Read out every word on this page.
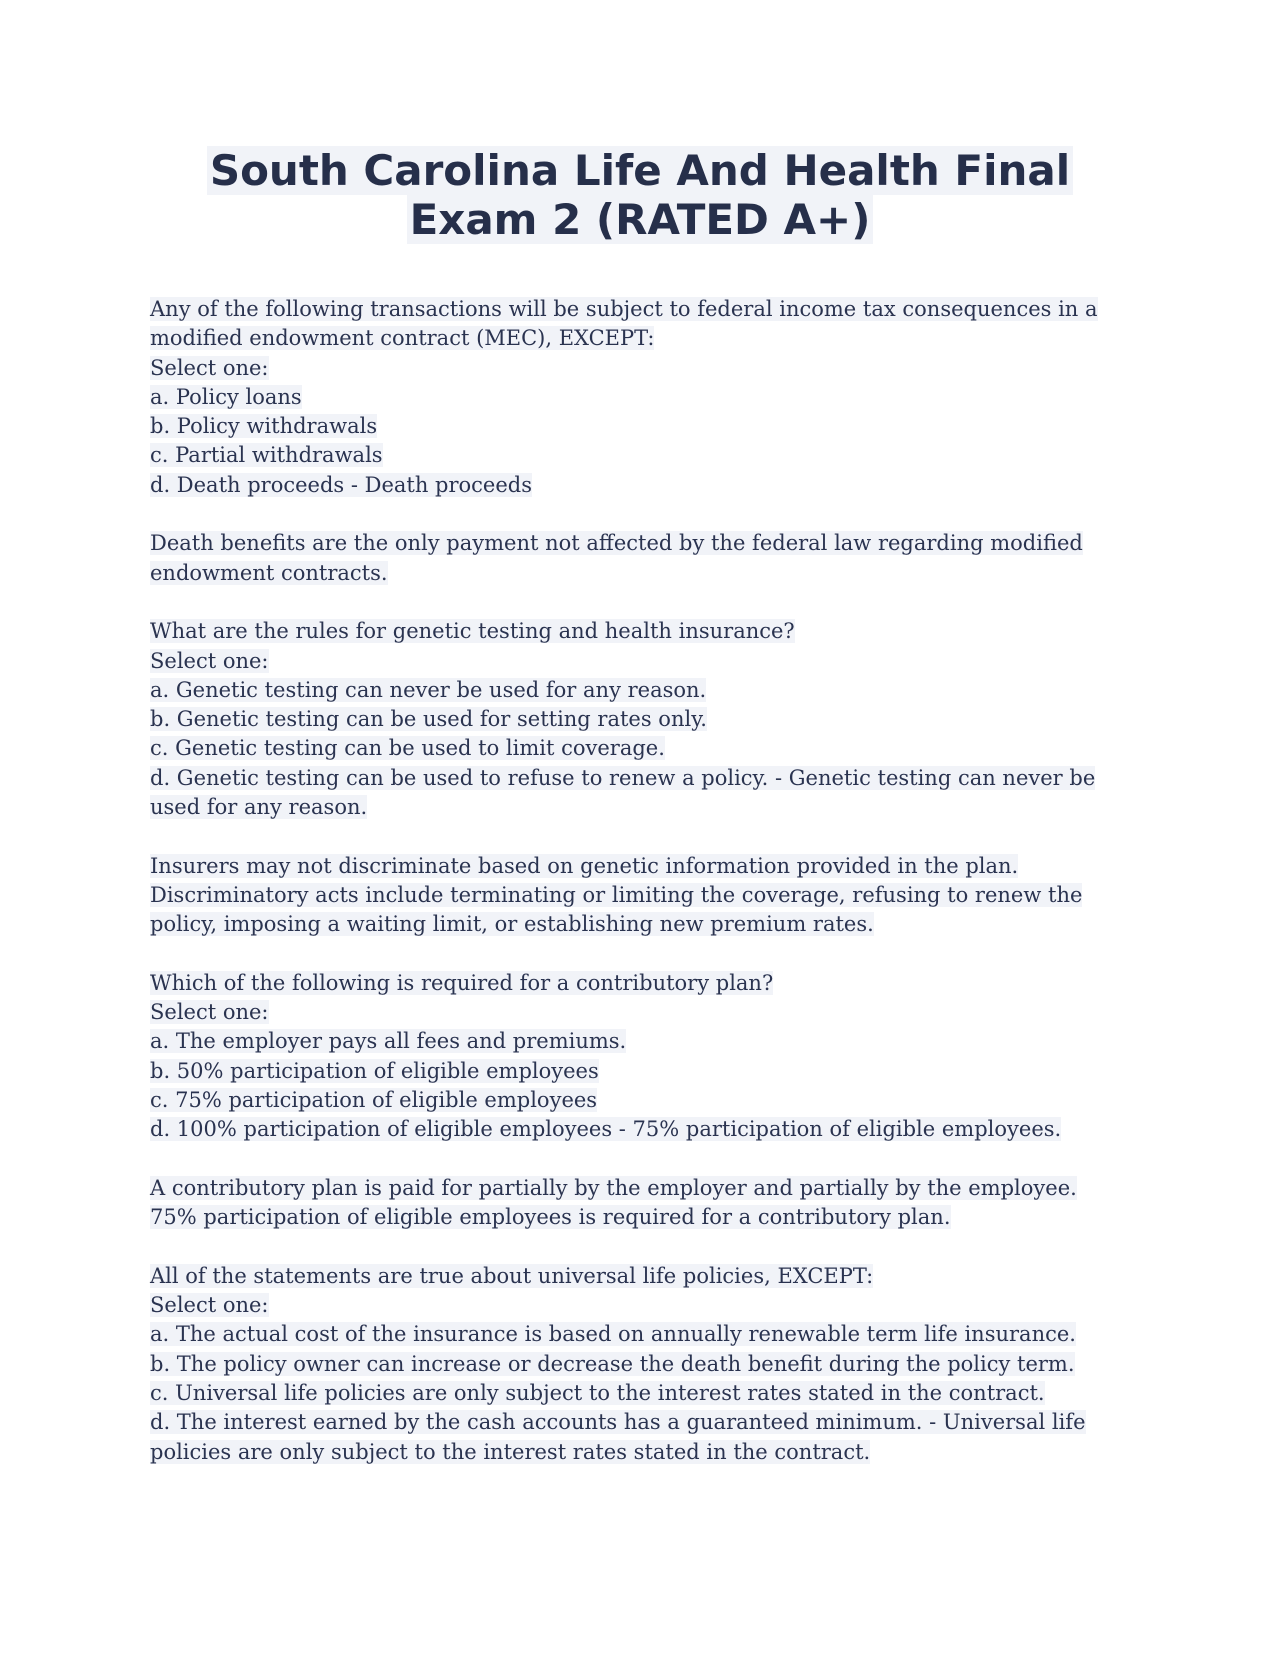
South Carolina Life And Health Final
Exam 2 (RATED A+)
Any of the following transactions will be subject to federal income tax consequences in a
modified endowment contract (MEC), EXCEPT:
Select one:
a. Policy loans
b. Policy withdrawals
c. Partial withdrawals
d. Death proceeds - Death proceeds
Death benefits are the only payment not affected by the federal law regarding modified
endowment contracts.
What are the rules for genetic testing and health insurance?
Select one:
a. Genetic testing can never be used for any reason.
b. Genetic testing can be used for setting rates only.
c. Genetic testing can be used to limit coverage.
d. Genetic testing can be used to refuse to renew a policy. - Genetic testing can never be
used for any reason.
Insurers may not discriminate based on genetic information provided in the plan.
Discriminatory acts include terminating or limiting the coverage, refusing to renew the
policy, imposing a waiting limit, or establishing new premium rates.
Which of the following is required for a contributory plan?
Select one:
a. The employer pays all fees and premiums.
b. 50% participation of eligible employees
c. 75% participation of eligible employees
d. 100% participation of eligible employees - 75% participation of eligible employees.
A contributory plan is paid for partially by the employer and partially by the employee.
75% participation of eligible employees is required for a contributory plan.
All of the statements are true about universal life policies, EXCEPT:
Select one:
a. The actual cost of the insurance is based on annually renewable term life insurance.
b. The policy owner can increase or decrease the death benefit during the policy term.
c. Universal life policies are only subject to the interest rates stated in the contract.
d. The interest earned by the cash accounts has a guaranteed minimum. - Universal life
policies are only subject to the interest rates stated in the contract.
